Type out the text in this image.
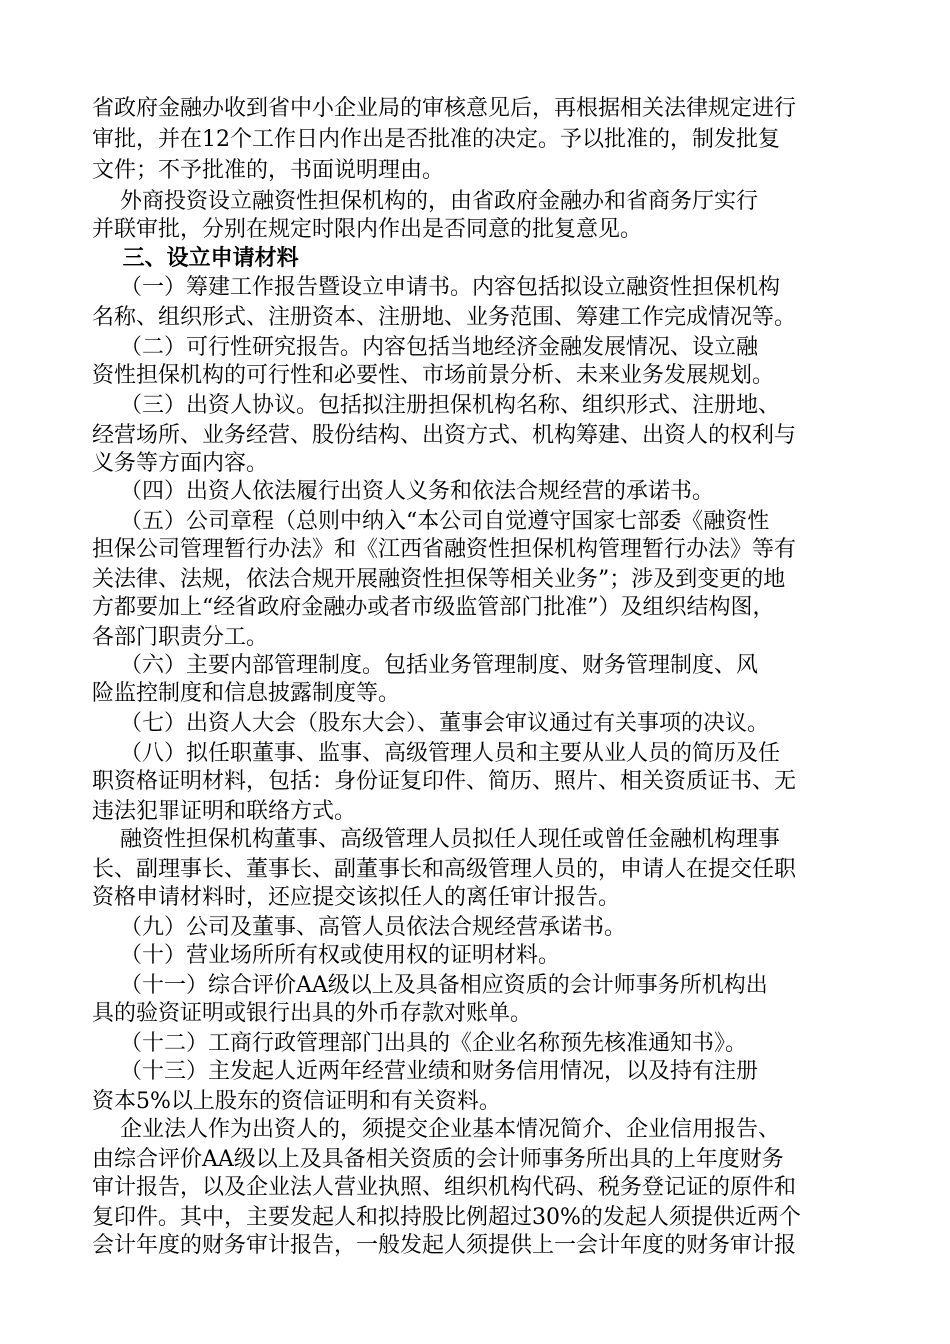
省政府金融办收到省中小企业局的审核意见后，再根据相关法律规定进行
审批，并在12个工作日内作出是否批准的决定。予以批准的，制发批复
文件；不予批准的，书面说明理由。
外商投资设立融资性担保机构的，由省政府金融办和省商务厅实行
并联审批，分别在规定时限内作出是否同意的批复意见。
三、设立申请材料
（一）筹建工作报告暨设立申请书。内容包括拟设立融资性担保机构
名称、组织形式、注册资本、注册地、业务范围、筹建工作完成情况等。
（二）可行性研究报告。内容包括当地经济金融发展情况、设立融
资性担保机构的可行性和必要性、市场前景分析、未来业务发展规划。
（三）出资人协议。包括拟注册担保机构名称、组织形式、注册地、
经营场所、业务经营、股份结构、出资方式、机构筹建、出资人的权利与
义务等方面内容。
（四）出资人依法履行出资人义务和依法合规经营的承诺书。
（五）公司章程（总则中纳入“本公司自觉遵守国家七部委《融资性
担保公司管理暂行办法》和《江西省融资性担保机构管理暂行办法》等有
关法律、法规，依法合规开展融资性担保等相关业务”；涉及到变更的地
方都要加上“经省政府金融办或者市级监管部门批准”）及组织结构图，
各部门职责分工。
（六）主要内部管理制度。包括业务管理制度、财务管理制度、风
险监控制度和信息披露制度等。
（七）出资人大会（股东大会）、董事会审议通过有关事项的决议。
（八）拟任职董事、监事、高级管理人员和主要从业人员的简历及任
职资格证明材料，包括：身份证复印件、简历、照片、相关资质证书、无
违法犯罪证明和联络方式。
融资性担保机构董事、高级管理人员拟任人现任或曾任金融机构理事
长、副理事长、董事长、副董事长和高级管理人员的，申请人在提交任职
资格申请材料时，还应提交该拟任人的离任审计报告。
（九）公司及董事、高管人员依法合规经营承诺书。
（十）营业场所所有权或使用权的证明材料。
（十一）综合评价AA级以上及具备相应资质的会计师事务所机构出
具的验资证明或银行出具的外币存款对账单。
（十二）工商行政管理部门出具的《企业名称预先核准通知书》。
（十三）主发起人近两年经营业绩和财务信用情况，以及持有注册
资本5%以上股东的资信证明和有关资料。
企业法人作为出资人的，须提交企业基本情况简介、企业信用报告、
由综合评价AA级以上及具备相关资质的会计师事务所出具的上年度财务
审计报告，以及企业法人营业执照、组织机构代码、税务登记证的原件和
复印件。其中，主要发起人和拟持股比例超过30%的发起人须提供近两个
会计年度的财务审计报告，一般发起人须提供上一会计年度的财务审计报
